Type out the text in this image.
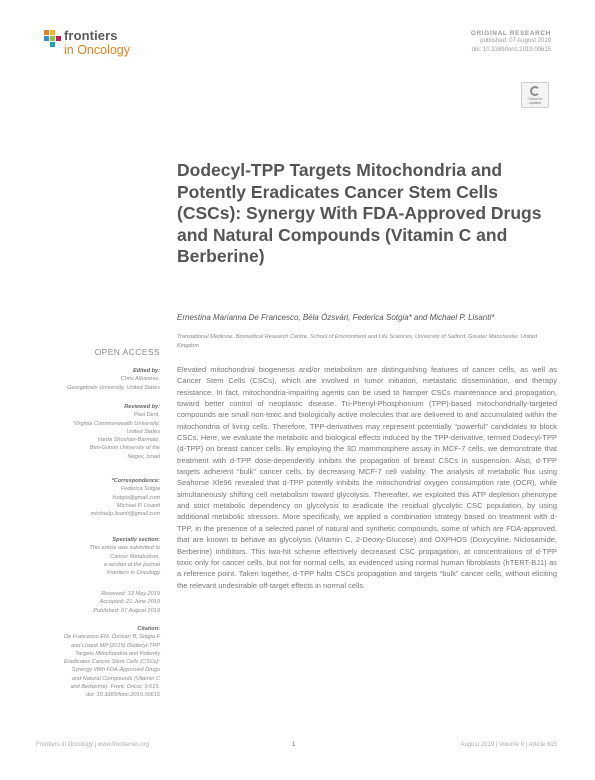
frontiers
in Oncology
ORIGINAL RESEARCH
published: 07 August 2019
doi: 10.3389/fonc.2019.00615
Check for updates
Dodecyl-TPP Targets Mitochondria and Potently Eradicates Cancer Stem Cells (CSCs): Synergy With FDA-Approved Drugs and Natural Compounds (Vitamin C and Berberine)
Ernestina Marianna De Francesco, Béla Ózsvári, Federica Sotgia* and Michael P. Lisanti*
Translational Medicine, Biomedical Research Centre, School of Environment and Life Sciences, University of Salford, Greater Manchester, United Kingdom
OPEN ACCESS
Edited by:
Chris Albanese,
Georgetown University, United States
Reviewed by:
Paul Dent,
Virginia Commonwealth University,
United States
Varda Shoshan-Barmatz,
Ben-Gurion University of the
Negev, Israel
*Correspondence:
Federica Sotgia
fsotgia@gmail.com
Michael P. Lisanti
michaelp.lisanti@gmail.com
Specialty section:
This article was submitted to
Cancer Metabolism,
a section of the journal
Frontiers in Oncology
Received: 13 May 2019
Accepted: 21 June 2019
Published: 07 August 2019
Citation:
De Francesco EM, Ózsvári B, Sotgia F
and Lisanti MP (2019) Dodecyl-TPP
Targets Mitochondria and Potently
Eradicates Cancer Stem Cells (CSCs):
Synergy With FDA-Approved Drugs
and Natural Compounds (Vitamin C
and Berberine). Front. Oncol. 9:615.
doi: 10.3389/fonc.2019.00615
Elevated mitochondrial biogenesis and/or metabolism are distinguishing features of cancer cells, as well as Cancer Stem Cells (CSCs), which are involved in tumor initiation, metastatic dissemination, and therapy resistance. In fact, mitochondria-impairing agents can be used to hamper CSCs maintenance and propagation, toward better control of neoplastic disease. Tri-Phenyl-Phosphonium (TPP)-based mitochondrially-targeted compounds are small non-toxic and biologically active molecules that are delivered to and accumulated within the mitochondria of living cells. Therefore, TPP-derivatives may represent potentially “powerful” candidates to block CSCs. Here, we evaluate the metabolic and biological effects induced by the TPP-derivative, termed Dodecyl-TPP (d-TPP) on breast cancer cells. By employing the 3D mammosphere assay in MCF-7 cells, we demonstrate that treatment with d-TPP dose-dependently inhibits the propagation of breast CSCs in suspension. Also, d-TPP targets adherent “bulk” cancer cells, by decreasing MCF-7 cell viability. The analysis of metabolic flux using Seahorse Xfe96 revealed that d-TPP potently inhibits the mitochondrial oxygen consumption rate (OCR), while simultaneously shifting cell metabolism toward glycolysis. Thereafter, we exploited this ATP depletion phenotype and strict metabolic dependency on glycolysis to eradicate the residual glycolytic CSC population, by using additional metabolic stressors. More specifically, we applied a combination strategy based on treatment with d-TPP, in the presence of a selected panel of natural and synthetic compounds, some of which are FDA-approved, that are known to behave as glycolysis (Vitamin C, 2-Deoxy-Glucose) and OXPHOS (Doxycyline, Niclosamide, Berberine) inhibitors. This two-hit scheme effectively decreased CSC propagation, at concentrations of d-TPP toxic only for cancer cells, but not for normal cells, as evidenced using normal human fibroblasts (hTERT-BJ1) as a reference point. Taken together, d-TPP halts CSCs propagation and targets “bulk” cancer cells, without eliciting the relevant undesirable off-target effects in normal cells.
Frontiers in Oncology | www.frontiersin.org	1	August 2019 | Volume 9 | Article 615
